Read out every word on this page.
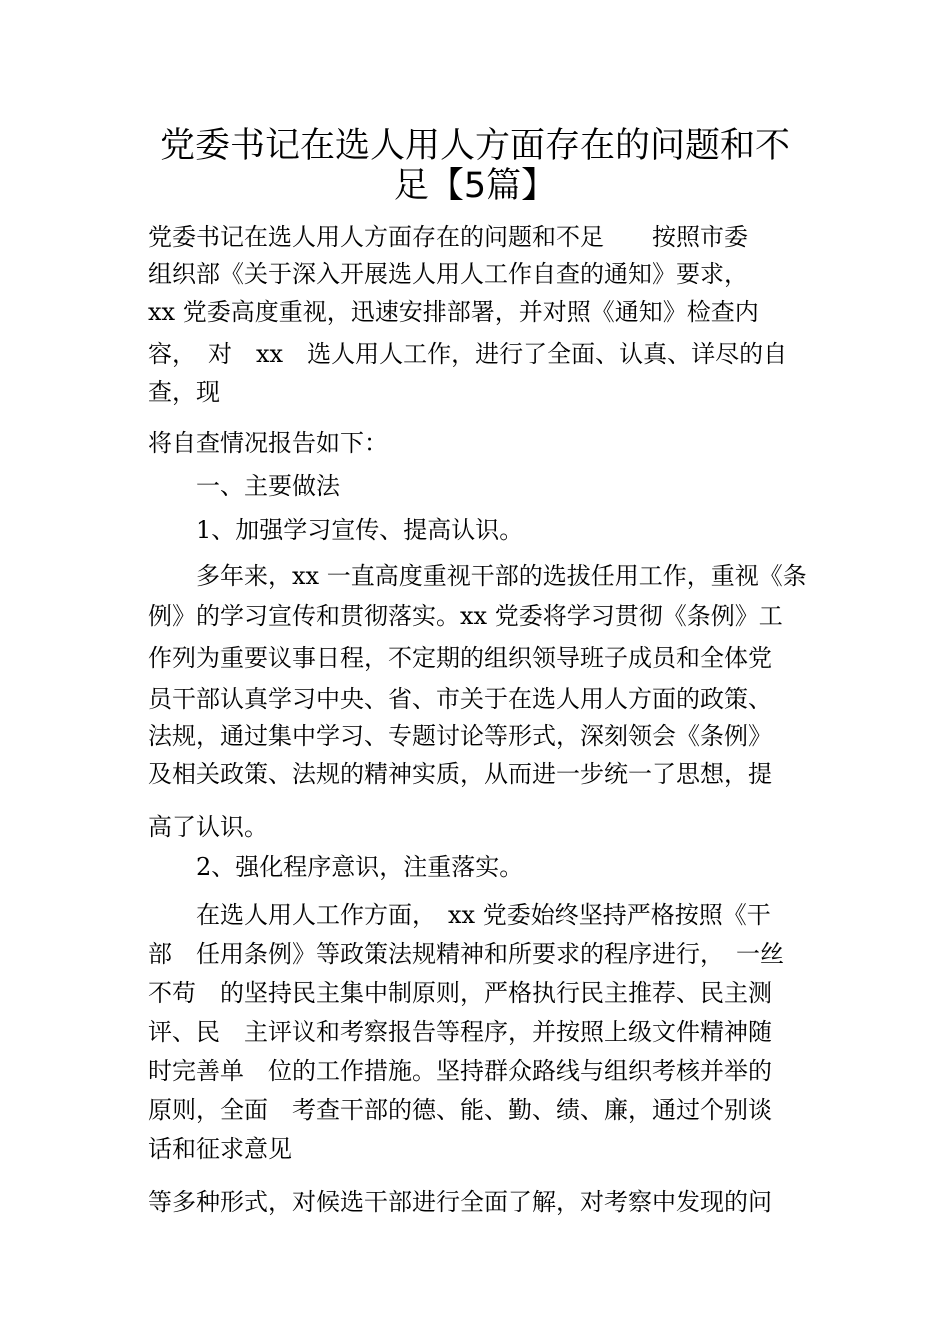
党委书记在选人用人方面存在的问题和不
足【5篇】
党委书记在选人用人方面存在的问题和不足　　按照市委
组织部《关于深入开展选人用人工作自查的通知》要求，
xx 党委高度重视，迅速安排部署，并对照《通知》检查内
容，　对　xx　选人用人工作，进行了全面、认真、详尽的自
查，现
将自查情况报告如下：
一、主要做法
1、加强学习宣传、提高认识。
多年来，xx 一直高度重视干部的选拔任用工作，重视《条
例》的学习宣传和贯彻落实。xx 党委将学习贯彻《条例》工
作列为重要议事日程，不定期的组织领导班子成员和全体党
员干部认真学习中央、省、市关于在选人用人方面的政策、
法规，通过集中学习、专题讨论等形式，深刻领会《条例》
及相关政策、法规的精神实质，从而进一步统一了思想，提
高了认识。
2、强化程序意识，注重落实。
在选人用人工作方面，　xx 党委始终坚持严格按照《干
部　任用条例》等政策法规精神和所要求的程序进行，　一丝
不苟　的坚持民主集中制原则，严格执行民主推荐、民主测
评、民　主评议和考察报告等程序，并按照上级文件精神随
时完善单　位的工作措施。坚持群众路线与组织考核并举的
原则，全面　考查干部的德、能、勤、绩、廉，通过个别谈
话和征求意见
等多种形式，对候选干部进行全面了解，对考察中发现的问
